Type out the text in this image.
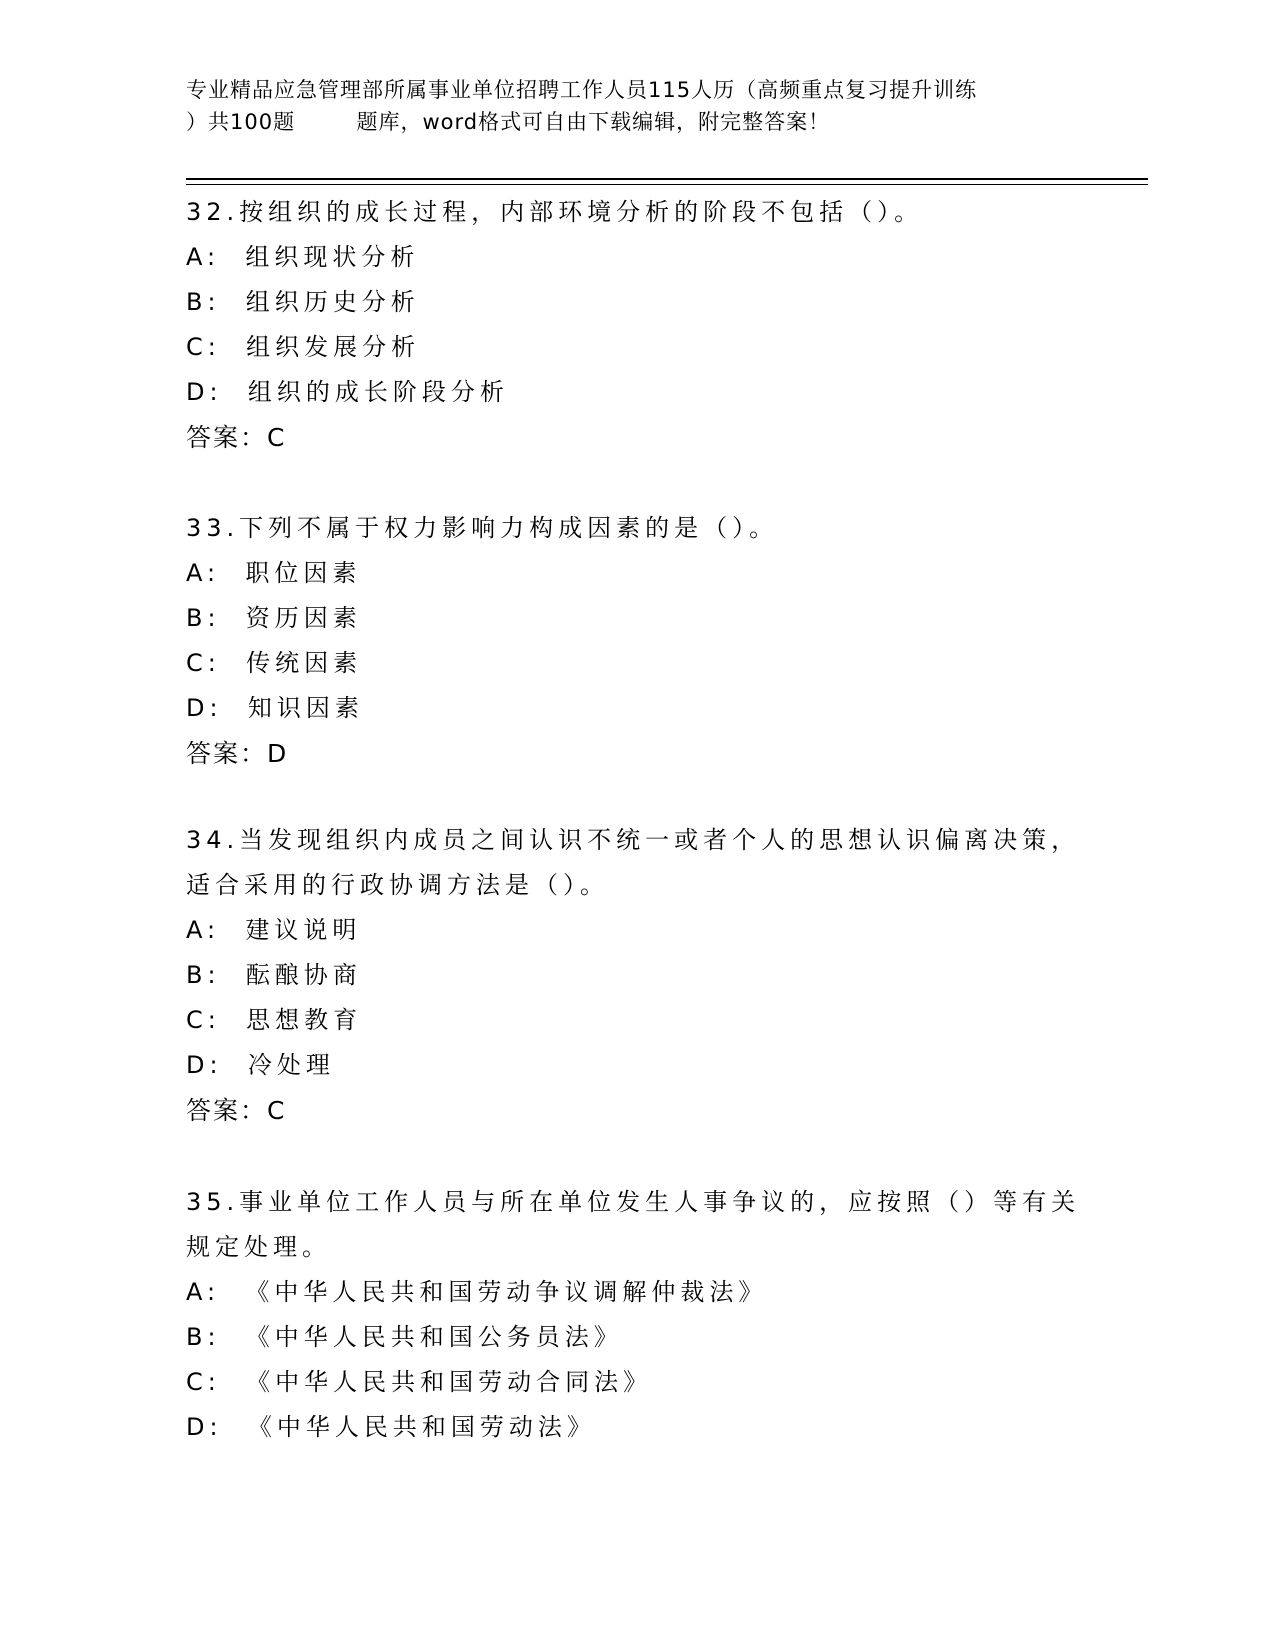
专业精品应急管理部所属事业单位招聘工作人员115人历（高频重点复习提升训练
）共100题        题库，word格式可自由下载编辑，附完整答案！

32.按组织的成长过程，内部环境分析的阶段不包括（）。

A:  组织现状分析

B:  组织历史分析

C:  组织发展分析

D:  组织的成长阶段分析

答案：C

33.下列不属于权力影响力构成因素的是（）。

A:  职位因素

B:  资历因素

C:  传统因素

D:  知识因素

答案：D

34.当发现组织内成员之间认识不统一或者个人的思想认识偏离决策，适合采用的行政协调方法是（）。

A:  建议说明

B:  酝酿协商

C:  思想教育

D:  冷处理

答案：C

35.事业单位工作人员与所在单位发生人事争议的，应按照（）等有关规定处理。

A:  《中华人民共和国劳动争议调解仲裁法》

B:  《中华人民共和国公务员法》

C:  《中华人民共和国劳动合同法》

D:  《中华人民共和国劳动法》
